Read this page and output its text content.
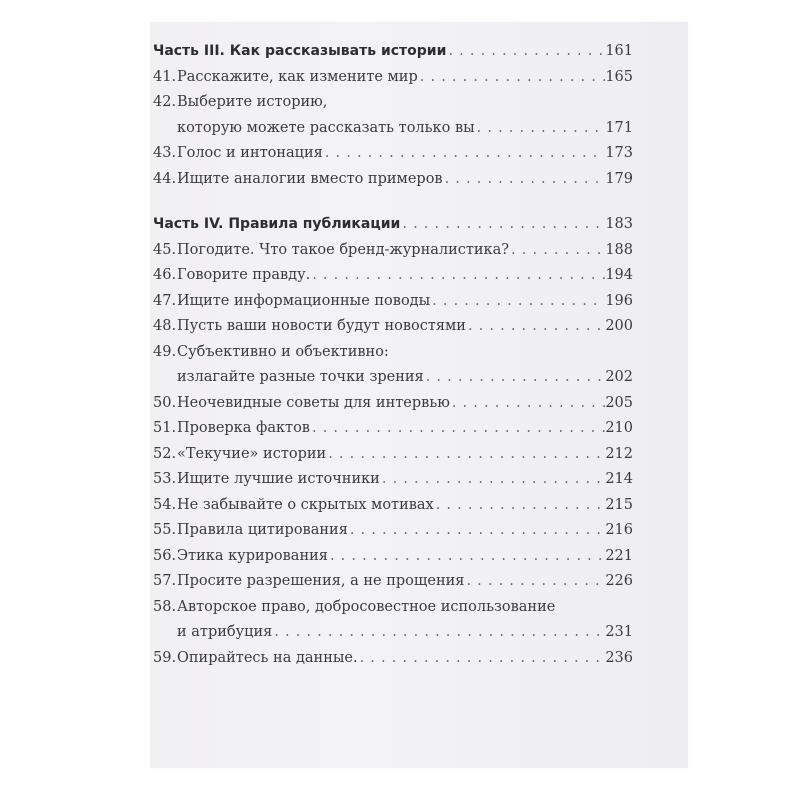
Часть III. Как рассказывать истории . . .	161
41. Расскажите, как измените мир . . .	165
42. Выберите историю,
которую можете рассказать только вы . . .	171
43. Голос и интонация . . .	173
44. Ищите аналогии вместо примеров . . .	179
Часть IV. Правила публикации . . .	183
45. Погодите. Что такое бренд-журналистика? . . .	188
46. Говорите правду. . . .	194
47. Ищите информационные поводы . . .	196
48. Пусть ваши новости будут новостями . . .	200
49. Субъективно и объективно:
излагайте разные точки зрения . . .	202
50. Неочевидные советы для интервью . . .	205
51. Проверка фактов . . .	210
52. «Текучие» истории . . .	212
53. Ищите лучшие источники . . .	214
54. Не забывайте о скрытых мотивах . . .	215
55. Правила цитирования . . .	216
56. Этика курирования . . .	221
57. Просите разрешения, а не прощения . . .	226
58. Авторское право, добросовестное использование
и атрибуция . . .	231
59. Опирайтесь на данные. . . .	236
